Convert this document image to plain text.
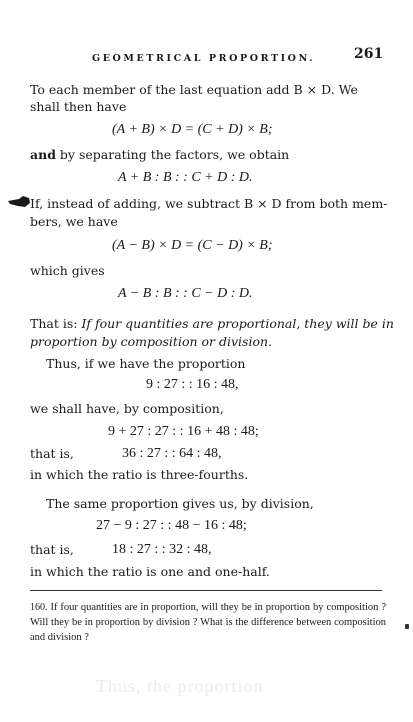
GEOMETRICAL PROPORTION.	261
To each member of the last equation add B × D. We
shall then have
(A + B) × D = (C + D) × B;
and by separating the factors, we obtain
A + B : B : : C + D : D.
If, instead of adding, we subtract B × D from both mem-
bers, we have
(A − B) × D = (C − D) × B;
which gives
A − B : B : : C − D : D.
That is: If four quantities are proportional, they will be in
proportion by composition or division.
Thus, if we have the proportion
9 : 27 : : 16 : 48,
we shall have, by composition,
9 + 27 : 27 : : 16 + 48 : 48;
that is,	36 : 27 : : 64 : 48,
in which the ratio is three-fourths.
The same proportion gives us, by division,
27 − 9 : 27 : : 48 − 16 : 48;
that is,	18 : 27 : : 32 : 48,
in which the ratio is one and one-half.
160. If four quantities are in proportion, will they be in proportion by composition ? Will they be in proportion by division ? What is the difference between composition and division ?
Thus, the proportion
